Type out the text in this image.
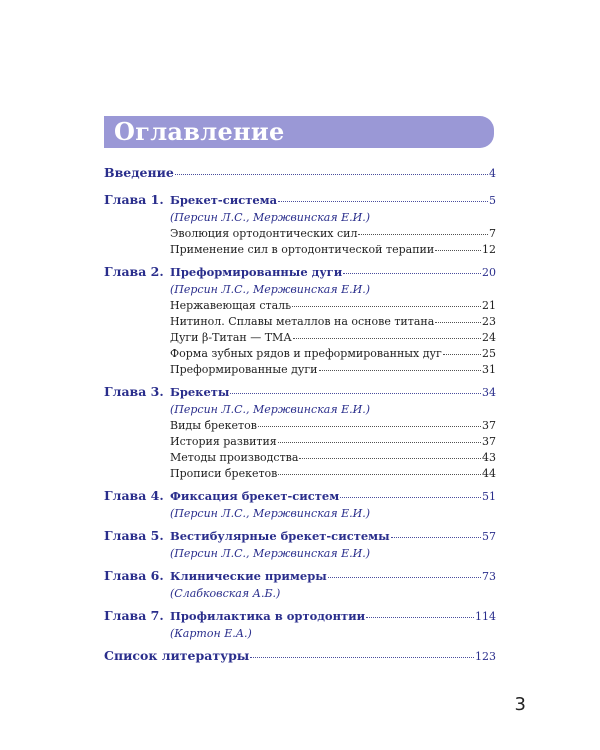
Оглавление
Введение	4
Глава 1. Брекет-система	5
(Персин Л.С., Мержвинская Е.И.)
Эволюция ортодонтических сил	7
Применение сил в ортодонтической терапии	12
Глава 2. Преформированные дуги	20
(Персин Л.С., Мержвинская Е.И.)
Нержавеющая сталь	21
Нитинол. Сплавы металлов на основе титана	23
Дуги β-Титан — ТМА	24
Форма зубных рядов и преформированных дуг	25
Преформированные дуги	31
Глава 3. Брекеты	34
(Персин Л.С., Мержвинская Е.И.)
Виды брекетов	37
История развития	37
Методы производства	43
Прописи брекетов	44
Глава 4. Фиксация брекет-систем	51
(Персин Л.С., Мержвинская Е.И.)
Глава 5. Вестибулярные брекет-системы	57
(Персин Л.С., Мержвинская Е.И.)
Глава 6. Клинические примеры	73
(Слабковская А.Б.)
Глава 7. Профилактика в ортодонтии	114
(Картон Е.А.)
Список литературы	123
3
